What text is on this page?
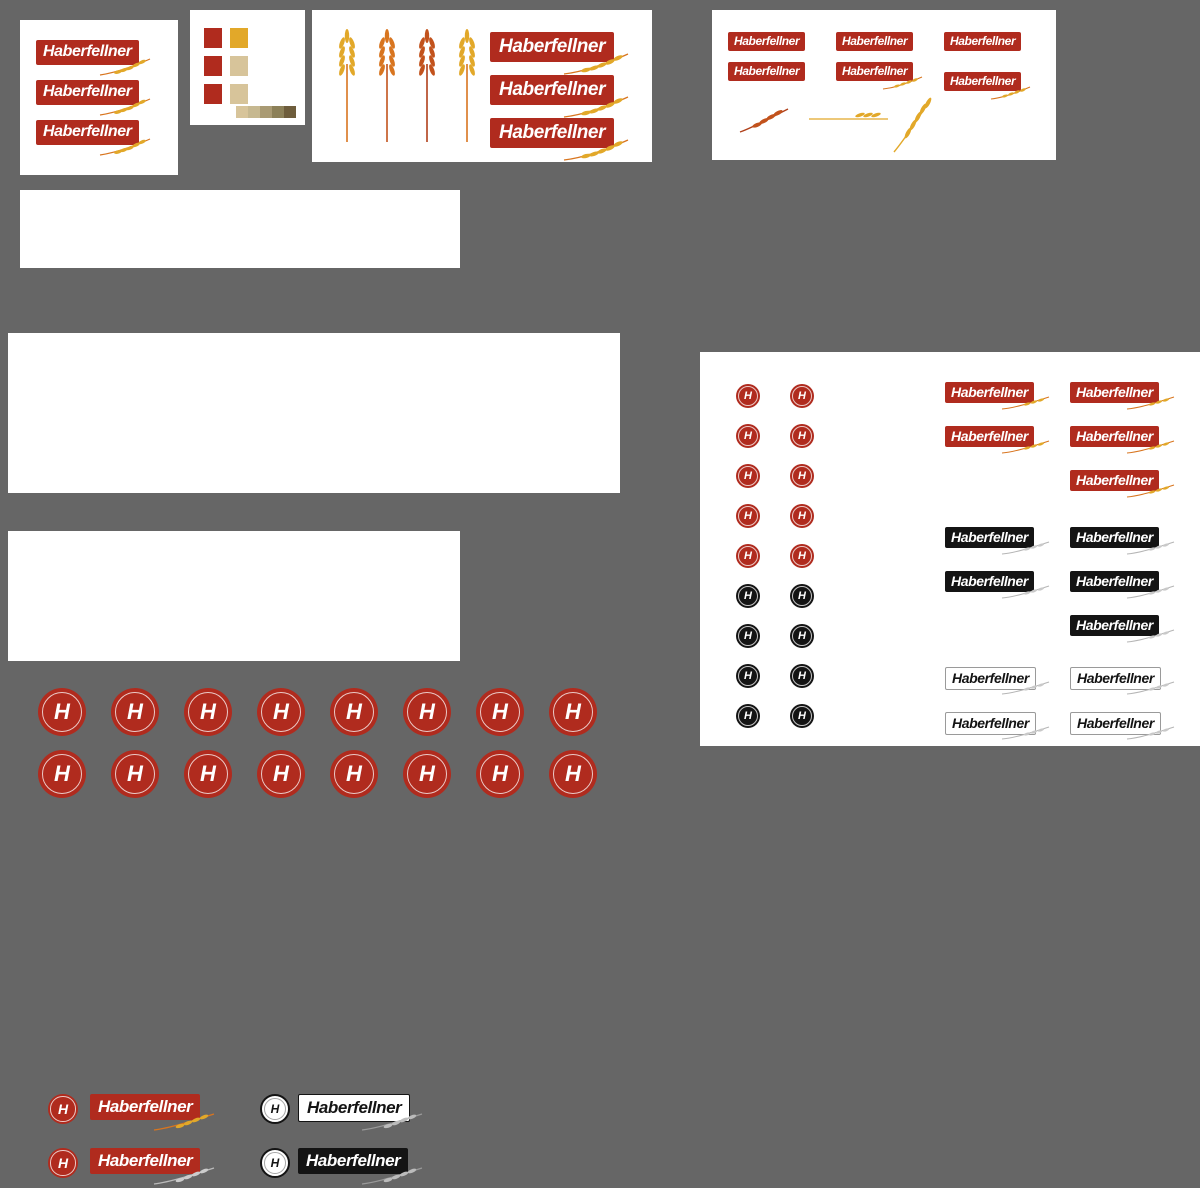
Haberfellner
Haberfellner
Haberfellner
Haberfellner
Haberfellner
Haberfellner
Haberfellner	Haberfellner	Haberfellner
Haberfellner	Haberfellner
Haberfellner
H	H	H	H	H	H	H
H	H	H	H	H	H	H	H
H	H	H	H	H	H	H	H
H	Haberfellner
H	Haberfellner
H	Haberfellner
H	Haberfellner
H
H
H
H
H
H
H
H
H
H
H
H
H
H
H
H
H
H
Haberfellner
Haberfellner
Haberfellner
Haberfellner
Haberfellner
Haberfellner
Haberfellner
Haberfellner
Haberfellner
Haberfellner
Haberfellner
Haberfellner
Haberfellner
Haberfellner
